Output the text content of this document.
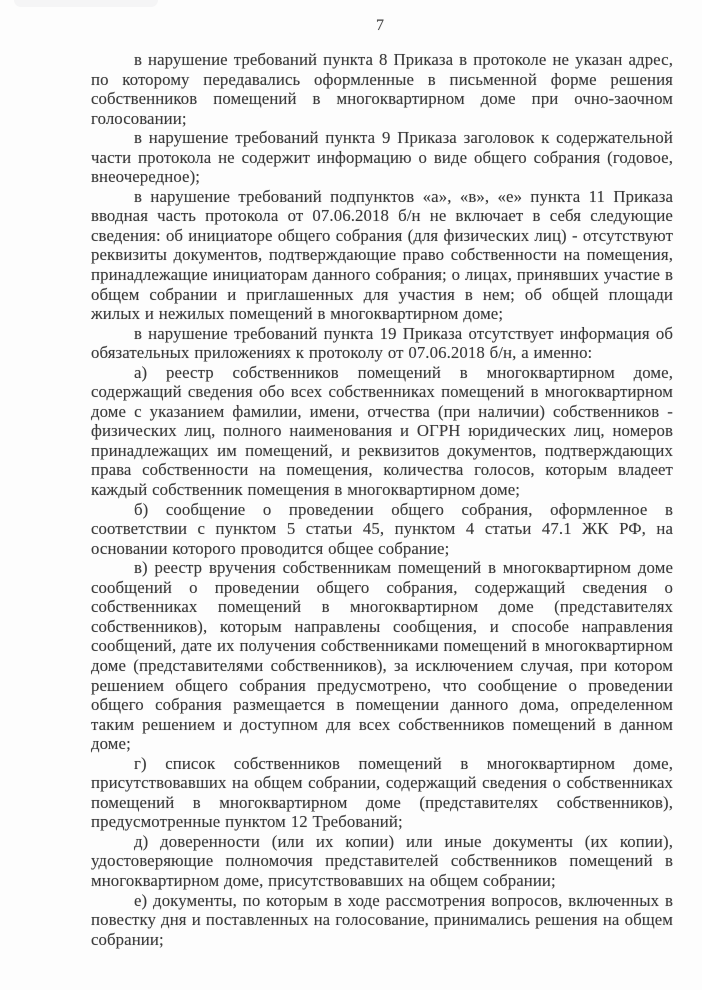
7

в нарушение требований пункта 8 Приказа в протоколе не указан адрес, по которому передавались оформленные в письменной форме решения собственников помещений в многоквартирном доме при очно-заочном голосовании;

в нарушение требований пункта 9 Приказа заголовок к содержательной части протокола не содержит информацию о виде общего собрания (годовое, внеочередное);

в нарушение требований подпунктов «а», «в», «е» пункта 11 Приказа вводная часть протокола от 07.06.2018 б/н не включает в себя следующие сведения: об инициаторе общего собрания (для физических лиц) - отсутствуют реквизиты документов, подтверждающие право собственности на помещения, принадлежащие инициаторам данного собрания; о лицах, принявших участие в общем собрании и приглашенных для участия в нем; об общей площади жилых и нежилых помещений в многоквартирном доме;

в нарушение требований пункта 19 Приказа отсутствует информация об обязательных приложениях к протоколу от 07.06.2018 б/н, а именно:

а) реестр собственников помещений в многоквартирном доме, содержащий сведения обо всех собственниках помещений в многоквартирном доме с указанием фамилии, имени, отчества (при наличии) собственников - физических лиц, полного наименования и ОГРН юридических лиц, номеров принадлежащих им помещений, и реквизитов документов, подтверждающих права собственности на помещения, количества голосов, которым владеет каждый собственник помещения в многоквартирном доме;

б) сообщение о проведении общего собрания, оформленное в соответствии с пунктом 5 статьи 45, пунктом 4 статьи 47.1 ЖК РФ, на основании которого проводится общее собрание;

в) реестр вручения собственникам помещений в многоквартирном доме сообщений о проведении общего собрания, содержащий сведения о собственниках помещений в многоквартирном доме (представителях собственников), которым направлены сообщения, и способе направления сообщений, дате их получения собственниками помещений в многоквартирном доме (представителями собственников), за исключением случая, при котором решением общего собрания предусмотрено, что сообщение о проведении общего собрания размещается в помещении данного дома, определенном таким решением и доступном для всех собственников помещений в данном доме;

г) список собственников помещений в многоквартирном доме, присутствовавших на общем собрании, содержащий сведения о собственниках помещений в многоквартирном доме (представителях собственников), предусмотренные пунктом 12 Требований;

д) доверенности (или их копии) или иные документы (их копии), удостоверяющие полномочия представителей собственников помещений в многоквартирном доме, присутствовавших на общем собрании;

е) документы, по которым в ходе рассмотрения вопросов, включенных в повестку дня и поставленных на голосование, принимались решения на общем собрании;
